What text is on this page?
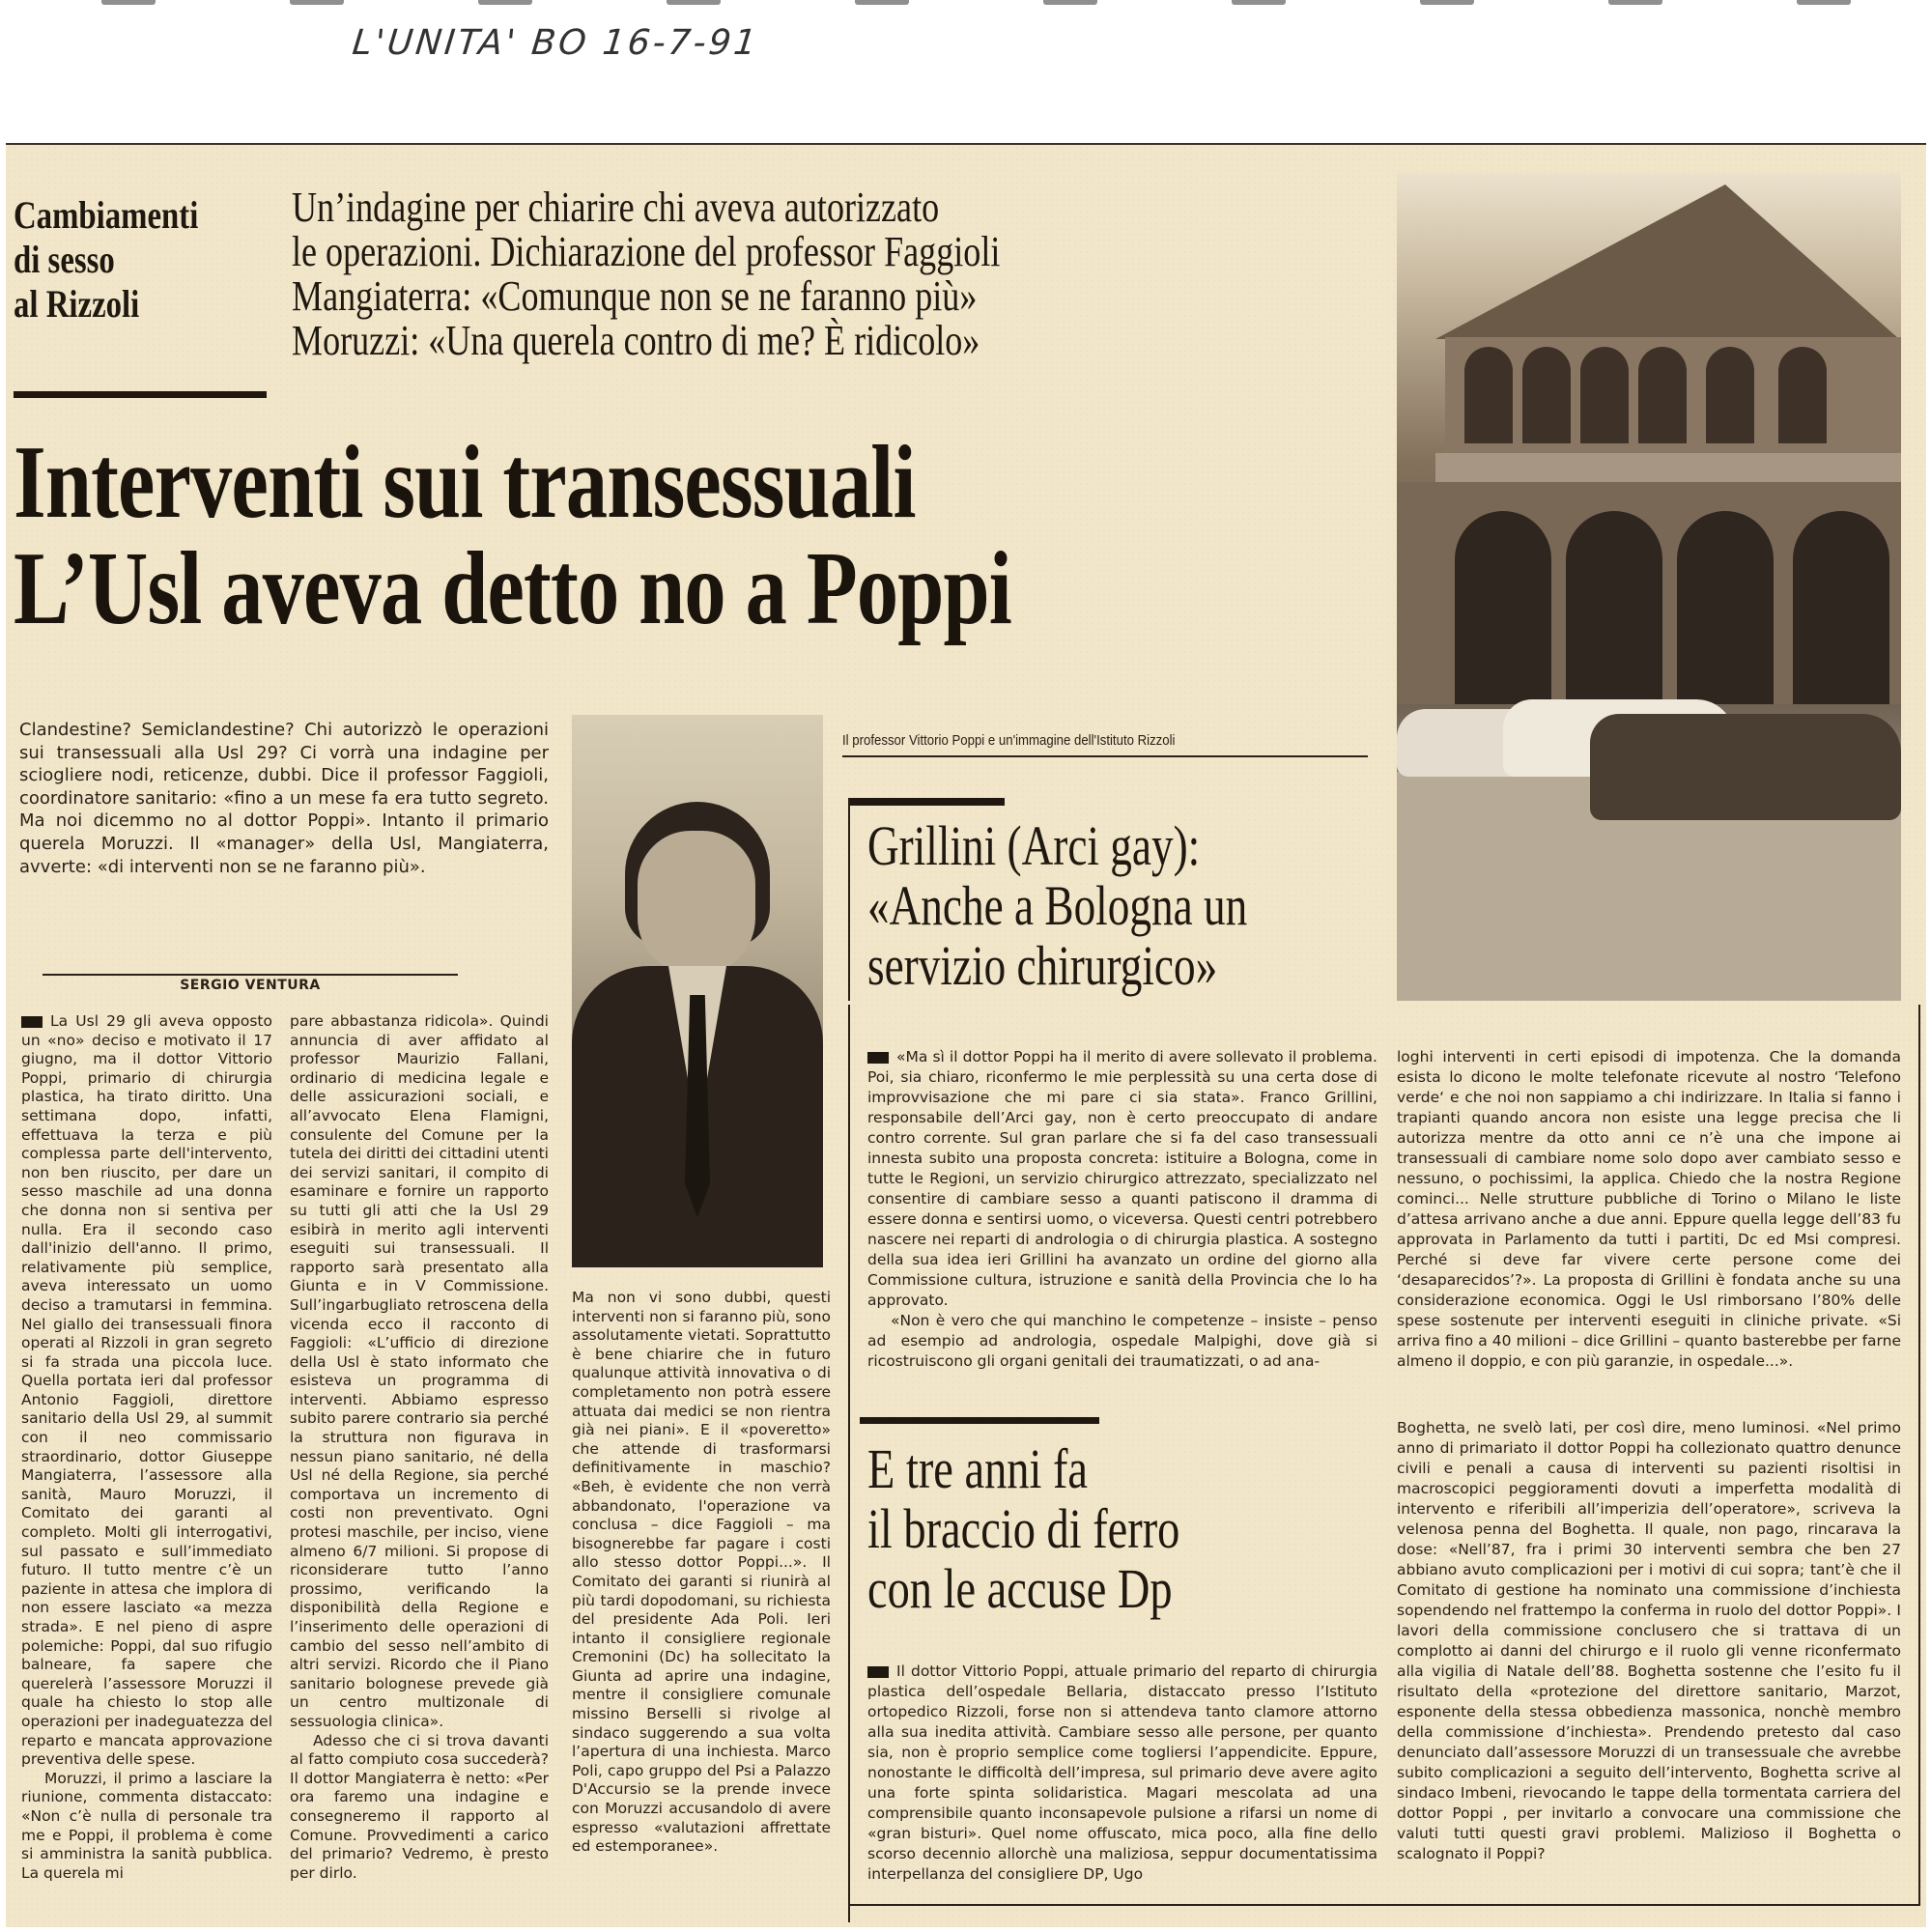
L'UNITA' BO 16-7-91
Cambiamenti
di sesso
al Rizzoli
Un’indagine per chiarire chi aveva autorizzato
le operazioni. Dichiarazione del professor Faggioli
Mangiaterra: «Comunque non se ne faranno più»
Moruzzi: «Una querela contro di me? È ridicolo»
Interventi sui transessuali
L’Usl aveva detto no a Poppi
Il professor Vittorio Poppi e un'immagine dell'Istituto Rizzoli
Clandestine? Semiclandestine? Chi autorizzò le operazioni sui transessuali alla Usl 29? Ci vorrà una indagine per sciogliere nodi, reticenze, dubbi. Dice il professor Faggioli, coordinatore sanitario: «fino a un mese fa era tutto segreto. Ma noi dicemmo no al dottor Poppi». Intanto il primario querela Moruzzi. Il «manager» della Usl, Mangiaterra, avverte: «di interventi non se ne faranno più».
SERGIO VENTURA

La Usl 29 gli aveva opposto un «no» deciso e motivato il 17 giugno, ma il dottor Vittorio Poppi, primario di chirurgia plastica, ha tirato diritto. Una settimana dopo, infatti, effettuava la terza e più complessa parte dell'intervento, non ben riuscito, per dare un sesso maschile ad una donna che donna non si sentiva per nulla. Era il secondo caso dall'inizio dell'anno. Il primo, relativamente più semplice, aveva interessato un uomo deciso a tramutarsi in femmina. Nel giallo dei transessuali finora operati al Rizzoli in gran segreto si fa strada una piccola luce. Quella portata ieri dal professor Antonio Faggioli, direttore sanitario della Usl 29, al summit con il neo commissario straordinario, dottor Giuseppe Mangiaterra, l’assessore alla sanità, Mauro Moruzzi, il Comitato dei garanti al completo. Molti gli interrogativi, sul passato e sull’immediato futuro. Il tutto mentre c’è un paziente in attesa che implora di non essere lasciato «a mezza strada». E nel pieno di aspre polemiche: Poppi, dal suo rifugio balneare, fa sapere che querelerà l’assessore Moruzzi il quale ha chiesto lo stop alle operazioni per inadeguatezza del reparto e mancata approvazione preventiva delle spese.

Moruzzi, il primo a lasciare la riunione, commenta distaccato: «Non c’è nulla di personale tra me e Poppi, il problema è come si amministra la sanità pubblica. La querela mi

pare abbastanza ridicola». Quindi annuncia di aver affidato al professor Maurizio Fallani, ordinario di medicina legale e delle assicurazioni sociali, e all’avvocato Elena Flamigni, consulente del Comune per la tutela dei diritti dei cittadini utenti dei servizi sanitari, il compito di esaminare e fornire un rapporto su tutti gli atti che la Usl 29 esibirà in merito agli interventi eseguiti sui transessuali. Il rapporto sarà presentato alla Giunta e in V Commissione. Sull’ingarbugliato retroscena della vicenda ecco il racconto di Faggioli: «L’ufficio di direzione della Usl è stato informato che esisteva un programma di interventi. Abbiamo espresso subito parere contrario sia perché la struttura non figurava in nessun piano sanitario, né della Usl né della Regione, sia perché comportava un incremento di costi non preventivato. Ogni protesi maschile, per inciso, viene almeno 6/7 milioni. Si propose di riconsiderare tutto l’anno prossimo, verificando la disponibilità della Regione e l’inserimento delle operazioni di cambio del sesso nell’ambito di altri servizi. Ricordo che il Piano sanitario bolognese prevede già un centro multizonale di sessuologia clinica».

Adesso che ci si trova davanti al fatto compiuto cosa succederà? Il dottor Mangiaterra è netto: «Per ora faremo una indagine e consegneremo il rapporto al Comune. Provvedimenti a carico del primario? Vedremo, è presto per dirlo.

Ma non vi sono dubbi, questi interventi non si faranno più, sono assolutamente vietati. Soprattutto è bene chiarire che in futuro qualunque attività innovativa o di completamento non potrà essere attuata dai medici se non rientra già nei piani». E il «poveretto» che attende di trasformarsi definitivamente in maschio? «Beh, è evidente che non verrà abbandonato, l'operazione va conclusa – dice Faggioli – ma bisognerebbe far pagare i costi allo stesso dottor Poppi...». Il Comitato dei garanti si riunirà al più tardi dopodomani, su richiesta del presidente Ada Poli. Ieri intanto il consigliere regionale Cremonini (Dc) ha sollecitato la Giunta ad aprire una indagine, mentre il consigliere comunale missino Berselli si rivolge al sindaco suggerendo a sua volta l’apertura di una inchiesta. Marco Poli, capo gruppo del Psi a Palazzo D'Accursio se la prende invece con Moruzzi accusandolo di avere espresso «valutazioni affrettate ed estemporanee».

Grillini (Arci gay):
«Anche a Bologna un
servizio chirurgico»

«Ma sì il dottor Poppi ha il merito di avere sollevato il problema. Poi, sia chiaro, riconfermo le mie perplessità su una certa dose di improvvisazione che mi pare ci sia stata». Franco Grillini, responsabile dell’Arci gay, non è certo preoccupato di andare contro corrente. Sul gran parlare che si fa del caso transessuali innesta subito una proposta concreta: istituire a Bologna, come in tutte le Regioni, un servizio chirurgico attrezzato, specializzato nel consentire di cambiare sesso a quanti patiscono il dramma di essere donna e sentirsi uomo, o viceversa. Questi centri potrebbero nascere nei reparti di andrologia o di chirurgia plastica. A sostegno della sua idea ieri Grillini ha avanzato un ordine del giorno alla Commissione cultura, istruzione e sanità della Provincia che lo ha approvato.

«Non è vero che qui manchino le competenze – insiste – penso ad esempio ad andrologia, ospedale Malpighi, dove già si ricostruiscono gli organi genitali dei traumatizzati, o ad ana-

loghi interventi in certi episodi di impotenza. Che la domanda esista lo dicono le molte telefonate ricevute al nostro ‘Telefono verde‘ e che noi non sappiamo a chi indirizzare. In Italia si fanno i trapianti quando ancora non esiste una legge precisa che li autorizza mentre da otto anni ce n’è una che impone ai transessuali di cambiare nome solo dopo aver cambiato sesso e nessuno, o pochissimi, la applica. Chiedo che la nostra Regione cominci... Nelle strutture pubbliche di Torino o Milano le liste d’attesa arrivano anche a due anni. Eppure quella legge dell’83 fu approvata in Parlamento da tutti i partiti, Dc ed Msi compresi. Perché si deve far vivere certe persone come dei ‘desaparecidos’?». La proposta di Grillini è fondata anche su una considerazione economica. Oggi le Usl rimborsano l’80% delle spese sostenute per interventi eseguiti in cliniche private. «Si arriva fino a 40 milioni – dice Grillini – quanto basterebbe per farne almeno il doppio, e con più garanzie, in ospedale...».

E tre anni fa
il braccio di ferro
con le accuse Dp

Il dottor Vittorio Poppi, attuale primario del reparto di chirurgia plastica dell’ospedale Bellaria, distaccato presso l’Istituto ortopedico Rizzoli, forse non si attendeva tanto clamore attorno alla sua inedita attività. Cambiare sesso alle persone, per quanto sia, non è proprio semplice come togliersi l’appendicite. Eppure, nonostante le difficoltà dell’impresa, sul primario deve avere agito una forte spinta solidaristica. Magari mescolata ad una comprensibile quanto inconsapevole pulsione a rifarsi un nome di «gran bisturi». Quel nome offuscato, mica poco, alla fine dello scorso decennio allorchè una maliziosa, seppur documentatissima interpellanza del consigliere DP, Ugo

Boghetta, ne svelò lati, per così dire, meno luminosi. «Nel primo anno di primariato il dottor Poppi ha collezionato quattro denunce civili e penali a causa di interventi su pazienti risoltisi in macroscopici peggioramenti dovuti a imperfetta modalità di intervento e riferibili all’imperizia dell’operatore», scriveva la velenosa penna del Boghetta. Il quale, non pago, rincarava la dose: «Nell’87, fra i primi 30 interventi sembra che ben 27 abbiano avuto complicazioni per i motivi di cui sopra; tant’è che il Comitato di gestione ha nominato una commissione d’inchiesta sopendendo nel frattempo la conferma in ruolo del dottor Poppi». I lavori della commissione conclusero che si trattava di un complotto ai danni del chirurgo e il ruolo gli venne riconfermato alla vigilia di Natale dell’88. Boghetta sostenne che l’esito fu il risultato della «protezione del direttore sanitario, Marzot, esponente della stessa obbedienza massonica, nonchè membro della commissione d’inchiesta». Prendendo pretesto dal caso denunciato dall’assessore Moruzzi di un transessuale che avrebbe subito complicazioni a seguito dell’intervento, Boghetta scrive al sindaco Imbeni, rievocando le tappe della tormentata carriera del dottor Poppi , per invitarlo a convocare una commissione che valuti tutti questi gravi problemi. Malizioso il Boghetta o scalognato il Poppi?
